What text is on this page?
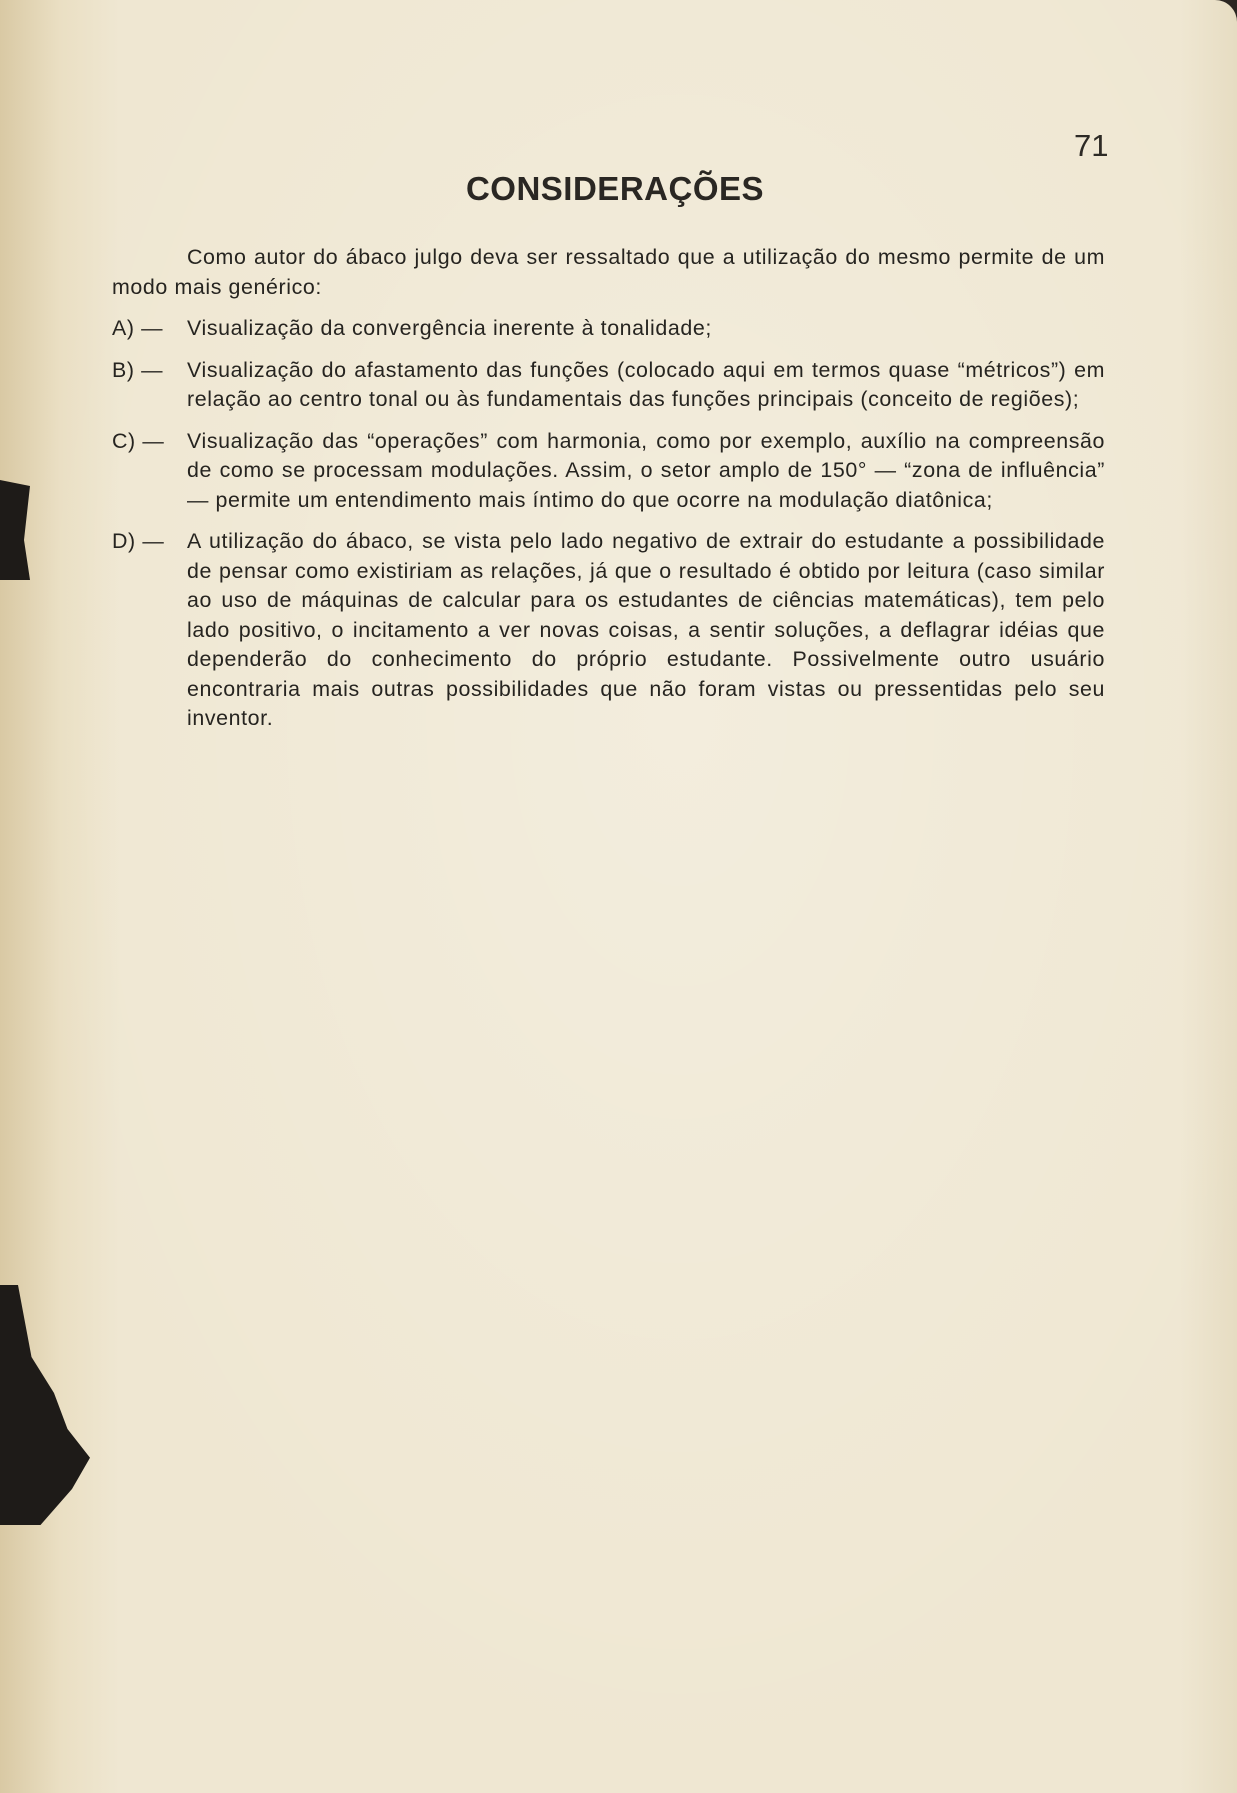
71
CONSIDERAÇÕES

Como autor do ábaco julgo deva ser ressaltado que a utilização do mesmo permite de um modo mais genérico:

A) —	Visualização da convergência inerente à tonalidade;
B) —	Visualização do afastamento das funções (colocado aqui em termos quase “métricos”) em relação ao centro tonal ou às fundamentais das funções principais (conceito de regiões);
C) —	Visualização das “operações” com harmonia, como por exemplo, auxílio na compreensão de como se processam modulações. Assim, o setor amplo de 150° — “zona de influência” — permite um entendimento mais íntimo do que ocorre na modulação diatônica;
D) —	A utilização do ábaco, se vista pelo lado negativo de extrair do estudante a possibilidade de pensar como existiriam as relações, já que o resultado é obtido por leitura (caso similar ao uso de máquinas de calcular para os estudantes de ciências matemáticas), tem pelo lado positivo, o incitamento a ver novas coisas, a sentir soluções, a deflagrar idéias que dependerão do conhecimento do próprio estudante. Possivelmente outro usuário encontraria mais outras possibilidades que não foram vistas ou pressentidas pelo seu inventor.
